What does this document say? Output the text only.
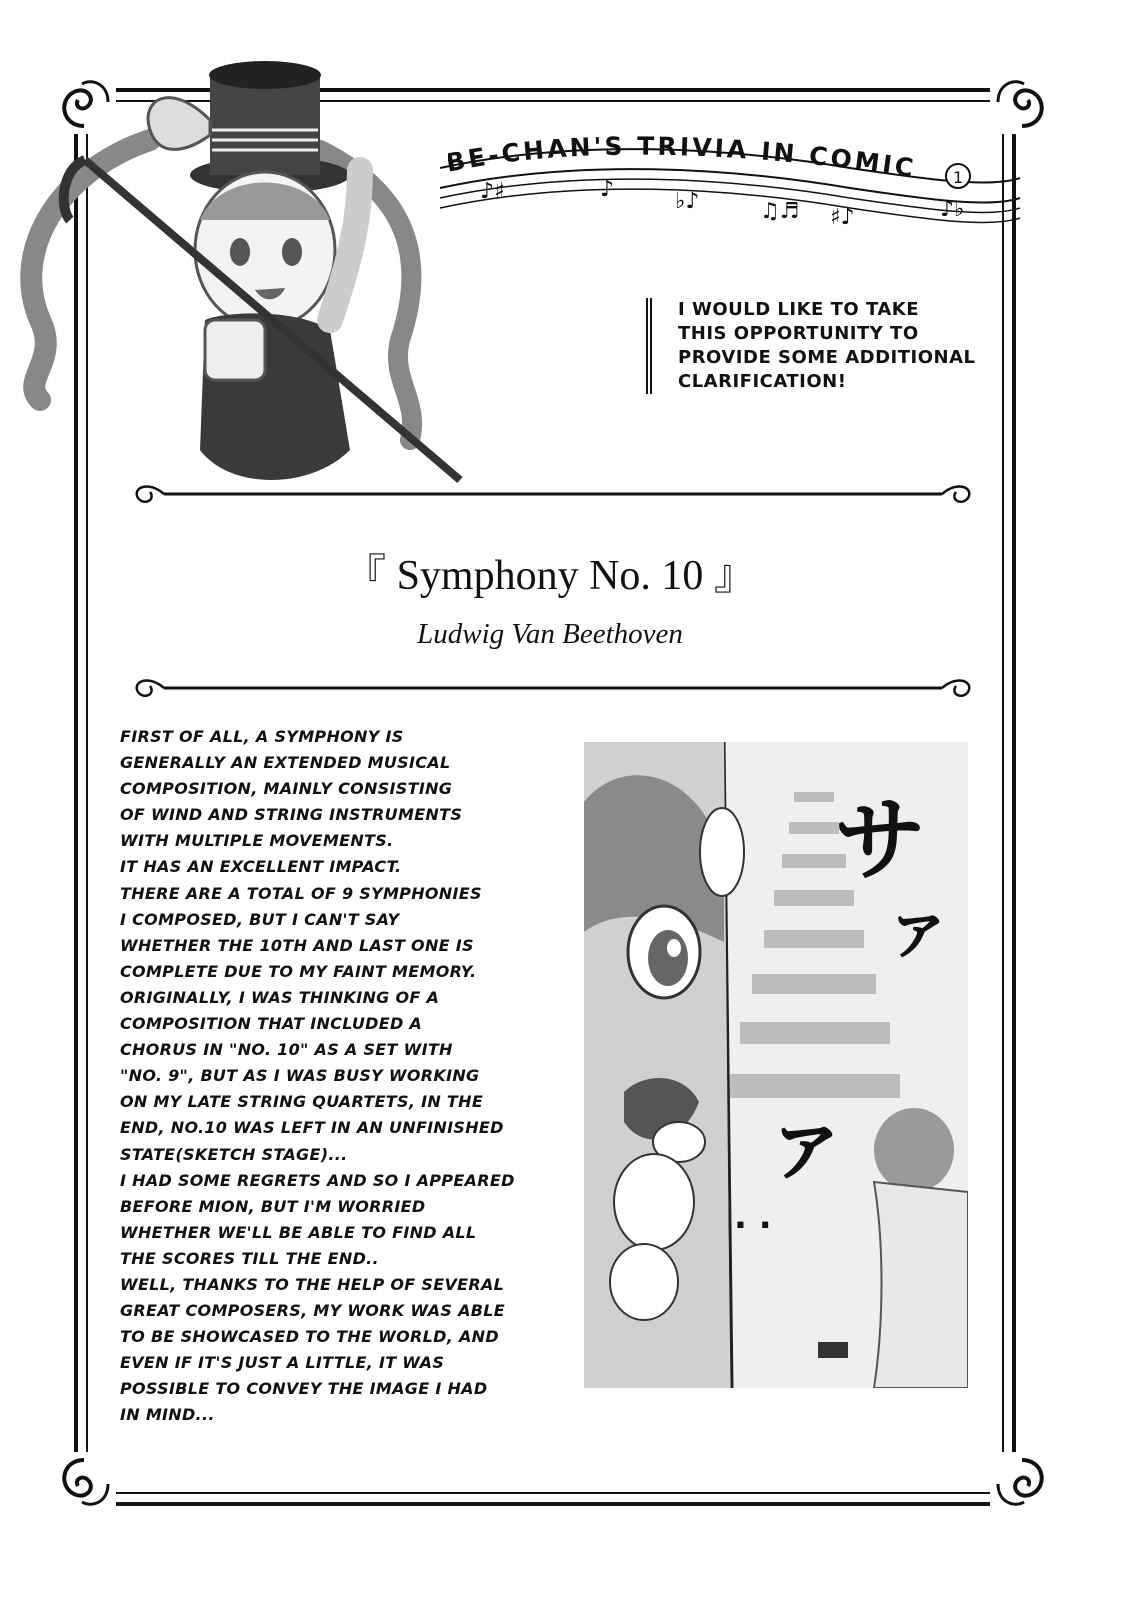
♪♯	♪	♭♪	♫♬ ♯♪	♪♭
E-CHAN'S TRIVIA IN COMIC 1
I WOULD LIKE TO TAKE
THIS OPPORTUNITY TO
PROVIDE SOME ADDITIONAL
CLARIFICATION!
『 Symphony No. 10 』
Ludwig Van Beethoven
FIRST OF ALL, A SYMPHONY IS
GENERALLY AN EXTENDED MUSICAL
COMPOSITION, MAINLY CONSISTING
OF WIND AND STRING INSTRUMENTS
WITH MULTIPLE MOVEMENTS.
IT HAS AN EXCELLENT IMPACT.
THERE ARE A TOTAL OF 9 SYMPHONIES
I COMPOSED, BUT I CAN'T SAY
WHETHER THE 10TH AND LAST ONE IS
COMPLETE DUE TO MY FAINT MEMORY.
ORIGINALLY, I WAS THINKING OF A
COMPOSITION THAT INCLUDED A
CHORUS IN "NO. 10" AS A SET WITH
"NO. 9", BUT AS I WAS BUSY WORKING
ON MY LATE STRING QUARTETS, IN THE
END, NO.10 WAS LEFT IN AN UNFINISHED
STATE(SKETCH STAGE)...
I HAD SOME REGRETS AND SO I APPEARED
BEFORE MION, BUT I'M WORRIED
WHETHER WE'LL BE ABLE TO FIND ALL
THE SCORES TILL THE END..
WELL, THANKS TO THE HELP OF SEVERAL
GREAT COMPOSERS, MY WORK WAS ABLE
TO BE SHOWCASED TO THE WORLD, AND
EVEN IF IT'S JUST A LITTLE, IT WAS
POSSIBLE TO CONVEY THE IMAGE I HAD
IN MIND...
サ
ァ
ァ
. .
